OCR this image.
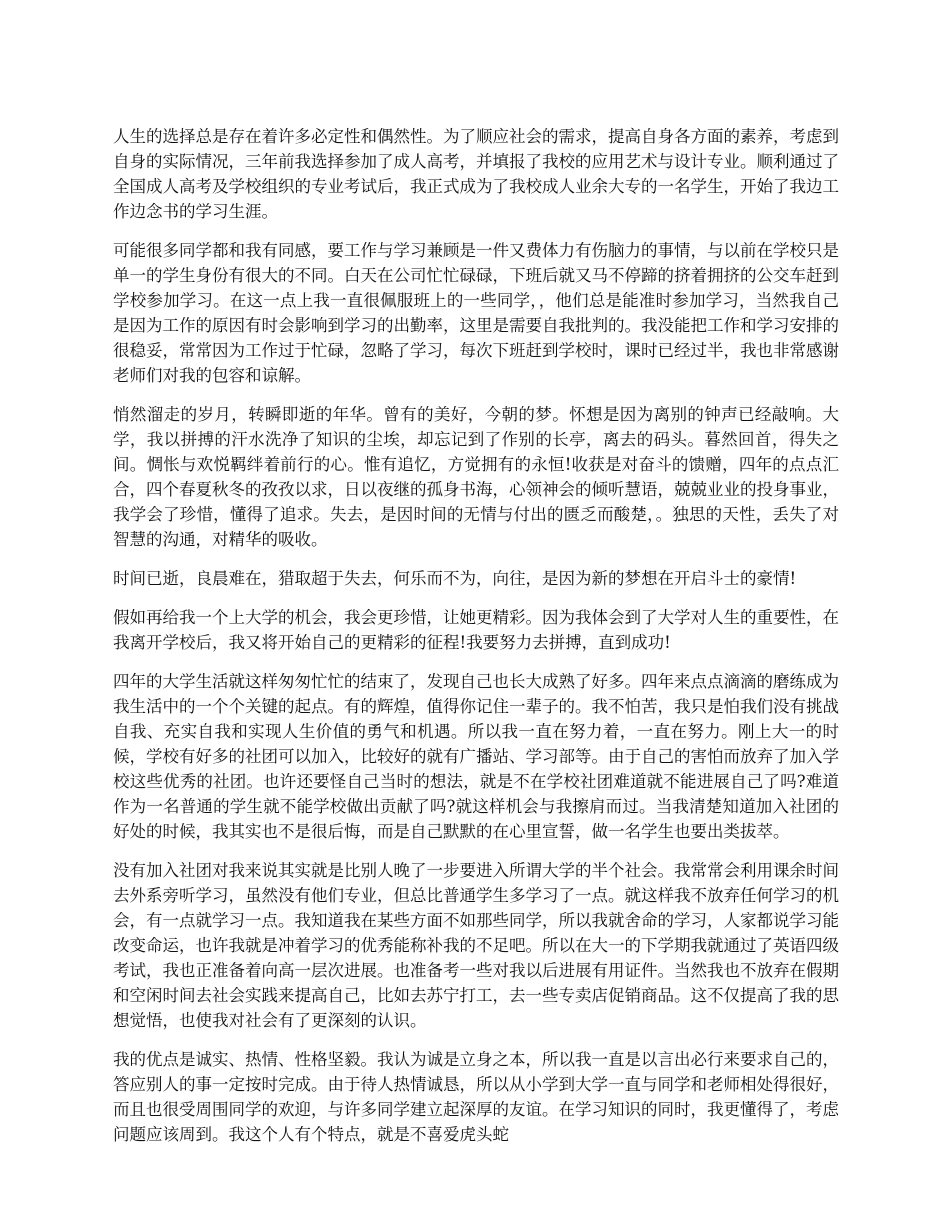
人生的选择总是存在着许多必定性和偶然性。为了顺应社会的需求，提高自身各方面的素养，考虑到自身的实际情况，三年前我选择参加了成人高考，并填报了我校的应用艺术与设计专业。顺利通过了全国成人高考及学校组织的专业考试后，我正式成为了我校成人业余大专的一名学生，开始了我边工作边念书的学习生涯。

可能很多同学都和我有同感，要工作与学习兼顾是一件又费体力有伤脑力的事情，与以前在学校只是单一的学生身份有很大的不同。白天在公司忙忙碌碌，下班后就又马不停蹄的挤着拥挤的公交车赶到学校参加学习。在这一点上我一直很佩服班上的一些同学，，他们总是能准时参加学习，当然我自己是因为工作的原因有时会影响到学习的出勤率，这里是需要自我批判的。我没能把工作和学习安排的很稳妥，常常因为工作过于忙碌，忽略了学习，每次下班赶到学校时，课时已经过半，我也非常感谢老师们对我的包容和谅解。

悄然溜走的岁月，转瞬即逝的年华。曾有的美好，今朝的梦。怀想是因为离别的钟声已经敲响。大学，我以拼搏的汗水洗净了知识的尘埃，却忘记到了作别的长亭，离去的码头。暮然回首，得失之间。惆怅与欢悦羁绊着前行的心。惟有追忆，方觉拥有的永恒!收获是对奋斗的馈赠，四年的点点汇合，四个春夏秋冬的孜孜以求，日以夜继的孤身书海，心领神会的倾听慧语，兢兢业业的投身事业，我学会了珍惜，懂得了追求。失去，是因时间的无情与付出的匮乏而酸楚，。独思的天性，丢失了对智慧的沟通，对精华的吸收。

时间已逝，良晨难在，猎取超于失去，何乐而不为，向往，是因为新的梦想在开启斗士的豪情!

假如再给我一个上大学的机会，我会更珍惜，让她更精彩。因为我体会到了大学对人生的重要性，在我离开学校后，我又将开始自己的更精彩的征程!我要努力去拼搏，直到成功!

四年的大学生活就这样匆匆忙忙的结束了，发现自己也长大成熟了好多。四年来点点滴滴的磨练成为我生活中的一个个关键的起点。有的辉煌，值得你记住一辈子的。我不怕苦，我只是怕我们没有挑战自我、充实自我和实现人生价值的勇气和机遇。所以我一直在努力着，一直在努力。刚上大一的时候，学校有好多的社团可以加入，比较好的就有广播站、学习部等。由于自己的害怕而放弃了加入学校这些优秀的社团。也许还要怪自己当时的想法，就是不在学校社团难道就不能进展自己了吗?难道作为一名普通的学生就不能学校做出贡献了吗?就这样机会与我擦肩而过。当我清楚知道加入社团的好处的时候，我其实也不是很后悔，而是自己默默的在心里宣誓，做一名学生也要出类拔萃。

没有加入社团对我来说其实就是比别人晚了一步要进入所谓大学的半个社会。我常常会利用课余时间去外系旁听学习，虽然没有他们专业，但总比普通学生多学习了一点。就这样我不放弃任何学习的机会，有一点就学习一点。我知道我在某些方面不如那些同学，所以我就舍命的学习，人家都说学习能改变命运，也许我就是冲着学习的优秀能称补我的不足吧。所以在大一的下学期我就通过了英语四级考试，我也正准备着向高一层次进展。也准备考一些对我以后进展有用证件。当然我也不放弃在假期和空闲时间去社会实践来提高自己，比如去苏宁打工，去一些专卖店促销商品。这不仅提高了我的思想觉悟，也使我对社会有了更深刻的认识。

我的优点是诚实、热情、性格坚毅。我认为诚是立身之本，所以我一直是以言出必行来要求自己的，答应别人的事一定按时完成。由于待人热情诚恳，所以从小学到大学一直与同学和老师相处得很好，而且也很受周围同学的欢迎，与许多同学建立起深厚的友谊。在学习知识的同时，我更懂得了，考虑问题应该周到。我这个人有个特点，就是不喜爱虎头蛇
